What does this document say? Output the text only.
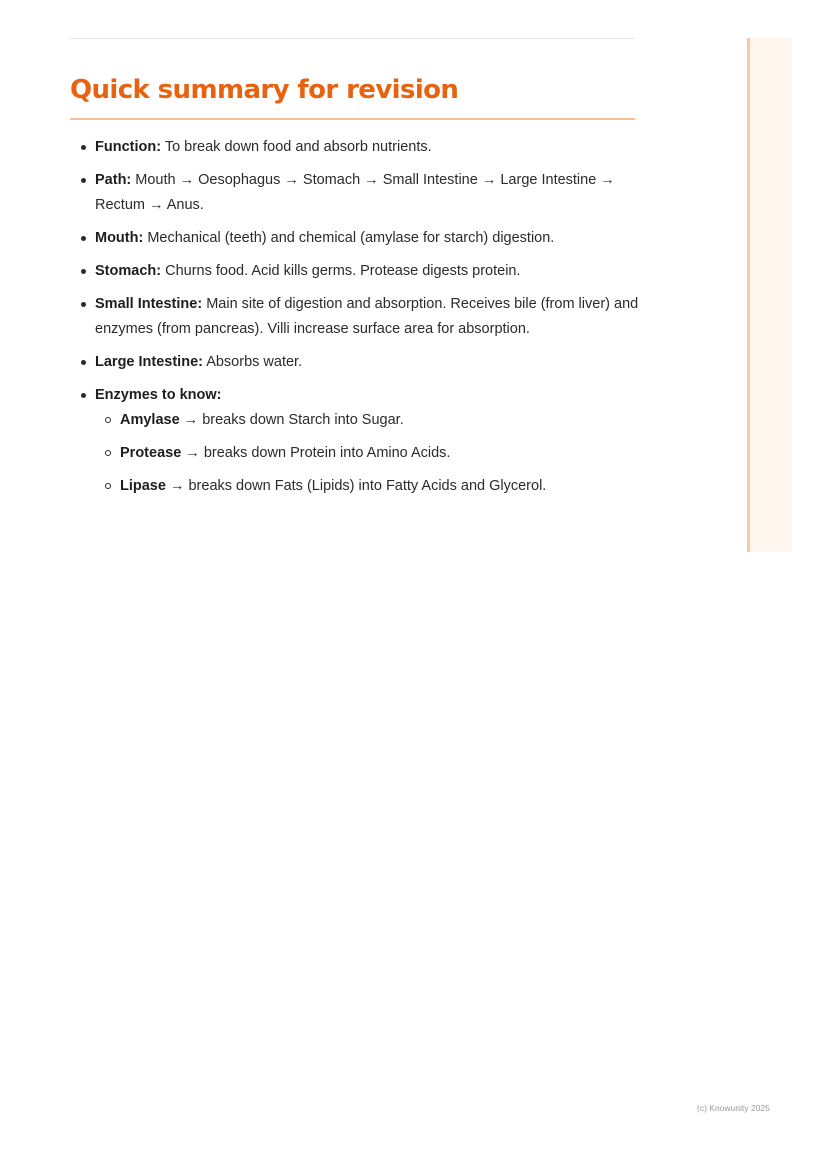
Quick summary for revision
Function: To break down food and absorb nutrients.
Path: Mouth → Oesophagus → Stomach → Small Intestine → Large Intestine → Rectum → Anus.
Mouth: Mechanical (teeth) and chemical (amylase for starch) digestion.
Stomach: Churns food. Acid kills germs. Protease digests protein.
Small Intestine: Main site of digestion and absorption. Receives bile (from liver) and enzymes (from pancreas). Villi increase surface area for absorption.
Large Intestine: Absorbs water.
Enzymes to know:
Amylase → breaks down Starch into Sugar.
Protease → breaks down Protein into Amino Acids.
Lipase → breaks down Fats (Lipids) into Fatty Acids and Glycerol.
(c) Knowunity 2025
